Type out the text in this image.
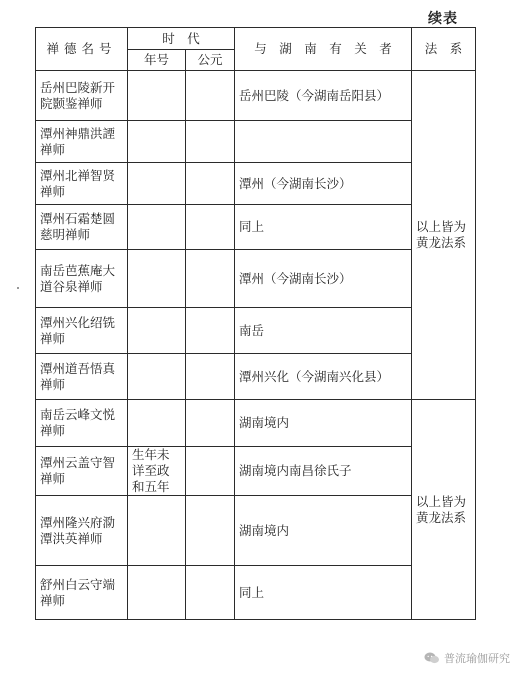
续表
禅德名号	时　代		与　湖　南　有　关　者	法　系
	年号	公元		
岳州巴陵新开院颢鉴禅师			岳州巴陵（今湖南岳阳县）	以上皆为黄龙法系
潭州神鼎洪諲禅师				
潭州北禅智贤禅师			潭州（今湖南长沙）	
潭州石霜楚圆慈明禅师			同上	
南岳芭蕉庵大道谷泉禅师			潭州（今湖南长沙）	
潭州兴化绍铣禅师			南岳	
潭州道吾悟真禅师			潭州兴化（今湖南兴化县）	
南岳云峰文悦禅师			湖南境内	以上皆为黄龙法系
潭州云盖守智禅师	生年未详至政和五年		湖南境内南昌徐氏子	
潭州隆兴府泐潭洪英禅师			湖南境内	
舒州白云守端禅师			同上	
普流瑜伽研究
